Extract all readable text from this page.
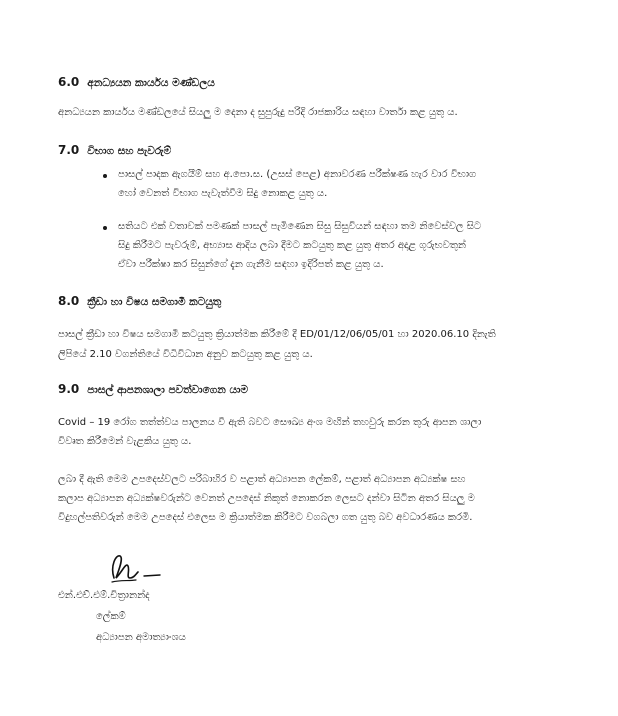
6.0 අනධ්‍යයන කාර්යය මණ්ඩලය
අනධ්‍යයන කාර්යය මණ්ඩලයේ සියලු ම දෙනා ද සුපුරුදු පරිදි රාජකාරිය සඳහා වාර්තා කළ යුතු ය.
7.0 විභාග සහ පැවරුම්
පාසල් පාදක ඇගයීම් සහ අ.පො.ස. (උසස් පෙළ) අනාවරණ පරීක්ෂණ හැර වාර විභාග
හෝ වෙනත් විභාග පැවැත්වීම සිදු නොකළ යුතු ය.
සතියට එක් වතාවක් පමණක් පාසල් පැමිණෙන සිසු සිසුවියන් සඳහා තම නිවෙස්වල සිට
සිදු කිරීමට පැවරුම්, අභ්‍යාස ආදිය ලබා දීමට කටයුතු කළ යුතු අතර අදාළ ගුරුභවතුන්
ඒවා පරීක්ෂා කර සිසුන්ගේ දැන ගැනීම සඳහා ඉදිරිපත් කළ යුතු ය.
8.0 ක්‍රීඩා හා විෂය සමගාමී කටයුතු
පාසල් ක්‍රීඩා හා විෂය සමගාමී කටයුතු ක්‍රියාත්මක කිරීමේ දී ED/01/12/06/05/01 හා 2020.06.10 දිනැති
ලිපියේ 2.10 වගන්තියේ විධිවිධාන අනුව කටයුතු කළ යුතු ය.
9.0 පාසල් ආපනශාලා පවත්වාගෙන යාම
Covid – 19 රෝග තත්ත්වය පාලනය වී ඇති බවට සෞඛ්‍ය අංශ මඟින් තහවුරු කරන තුරු ආපන ශාලා
විවෘත කිරීමෙන් වැළකිය යුතු ය.
ලබා දී ඇති මෙම උපදෙස්වලට පරිබාහිර ව පළාත් අධ්‍යාපන ලේකම්, පළාත් අධ්‍යාපන අධ්‍යක්ෂ සහ
කලාප අධ්‍යාපන අධ්‍යක්ෂවරුන්ට වෙනත් උපදෙස් නිකුත් නොකරන ලෙසට දන්වා සිටින අතර සියලු ම
විදුහල්පතිවරුන් මෙම උපදෙස් එලෙස ම ක්‍රියාත්මක කිරීමට වගබලා ගත යුතු බව අවධාරණය කරමි.
එන්.එච්.එම්.චිත්‍රානන්ද
ලේකම්
අධ්‍යාපන අමාත්‍යාංශය
